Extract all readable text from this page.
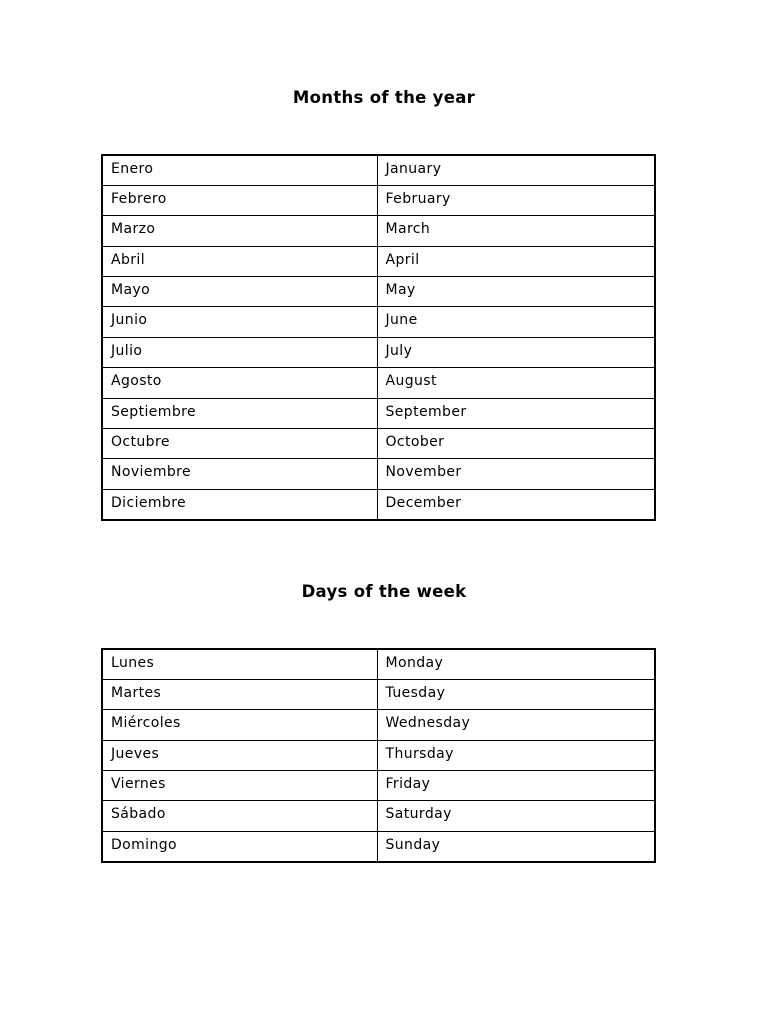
Months of the year
Enero	January
Febrero	February
Marzo	March
Abril	April
Mayo	May
Junio	June
Julio	July
Agosto	August
Septiembre	September
Octubre	October
Noviembre	November
Diciembre	December
Days of the week
Lunes	Monday
Martes	Tuesday
Miércoles	Wednesday
Jueves	Thursday
Viernes	Friday
Sábado	Saturday
Domingo	Sunday
